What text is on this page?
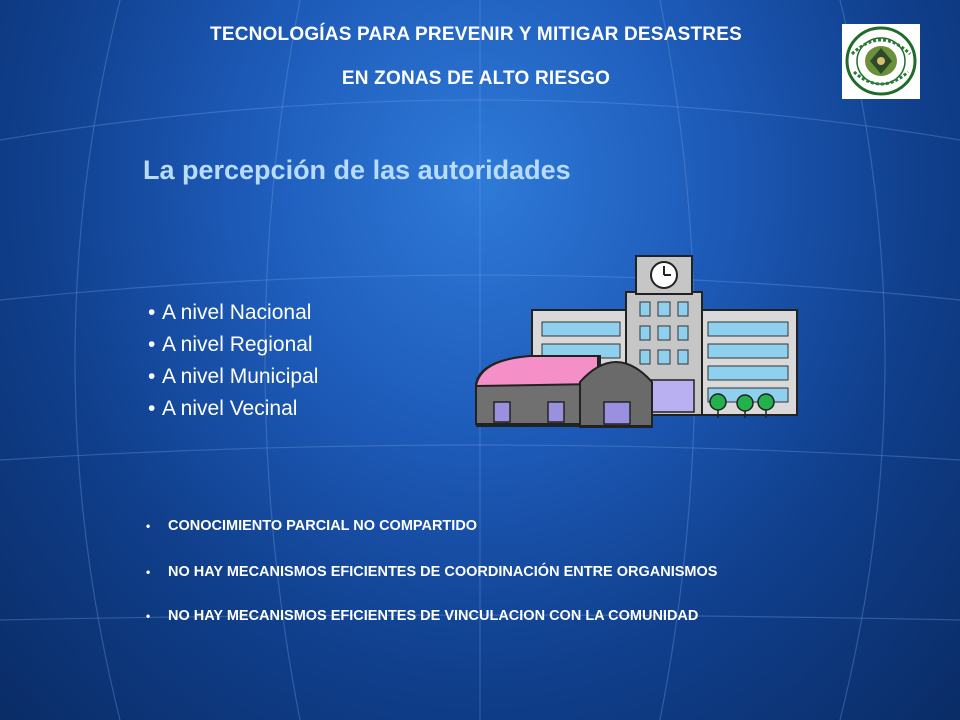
TECNOLOGÍAS PARA PREVENIR Y MITIGAR DESASTRES
EN ZONAS DE ALTO RIESGO
La percepción de las autoridades
• A nivel Nacional
• A nivel Regional
• A nivel Municipal
• A nivel Vecinal
• CONOCIMIENTO PARCIAL NO COMPARTIDO
• NO HAY MECANISMOS EFICIENTES DE COORDINACIÓN ENTRE ORGANISMOS
• NO HAY MECANISMOS EFICIENTES DE VINCULACION CON LA COMUNIDAD
